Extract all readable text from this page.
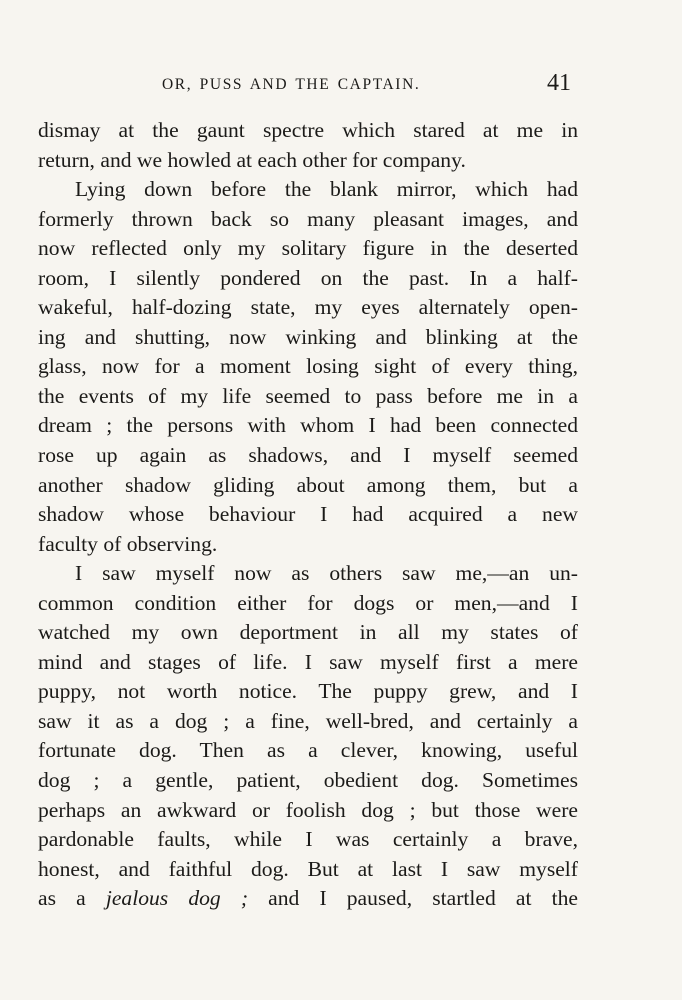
OR, PUSS AND THE CAPTAIN.	41
dismay at the gaunt spectre which stared at me in
return, and we howled at each other for company.
Lying down before the blank mirror, which had
formerly thrown back so many pleasant images, and
now reflected only my solitary figure in the deserted
room, I silently pondered on the past. In a half-
wakeful, half-dozing state, my eyes alternately open-
ing and shutting, now winking and blinking at the
glass, now for a moment losing sight of every thing,
the events of my life seemed to pass before me in a
dream ; the persons with whom I had been connected
rose up again as shadows, and I myself seemed
another shadow gliding about among them, but a
shadow whose behaviour I had acquired a new
faculty of observing.
I saw myself now as others saw me,—an un-
common condition either for dogs or men,—and I
watched my own deportment in all my states of
mind and stages of life. I saw myself first a mere
puppy, not worth notice. The puppy grew, and I
saw it as a dog ; a fine, well-bred, and certainly a
fortunate dog. Then as a clever, knowing, useful
dog ; a gentle, patient, obedient dog. Sometimes
perhaps an awkward or foolish dog ; but those were
pardonable faults, while I was certainly a brave,
honest, and faithful dog. But at last I saw myself
as a jealous dog ; and I paused, startled at the
